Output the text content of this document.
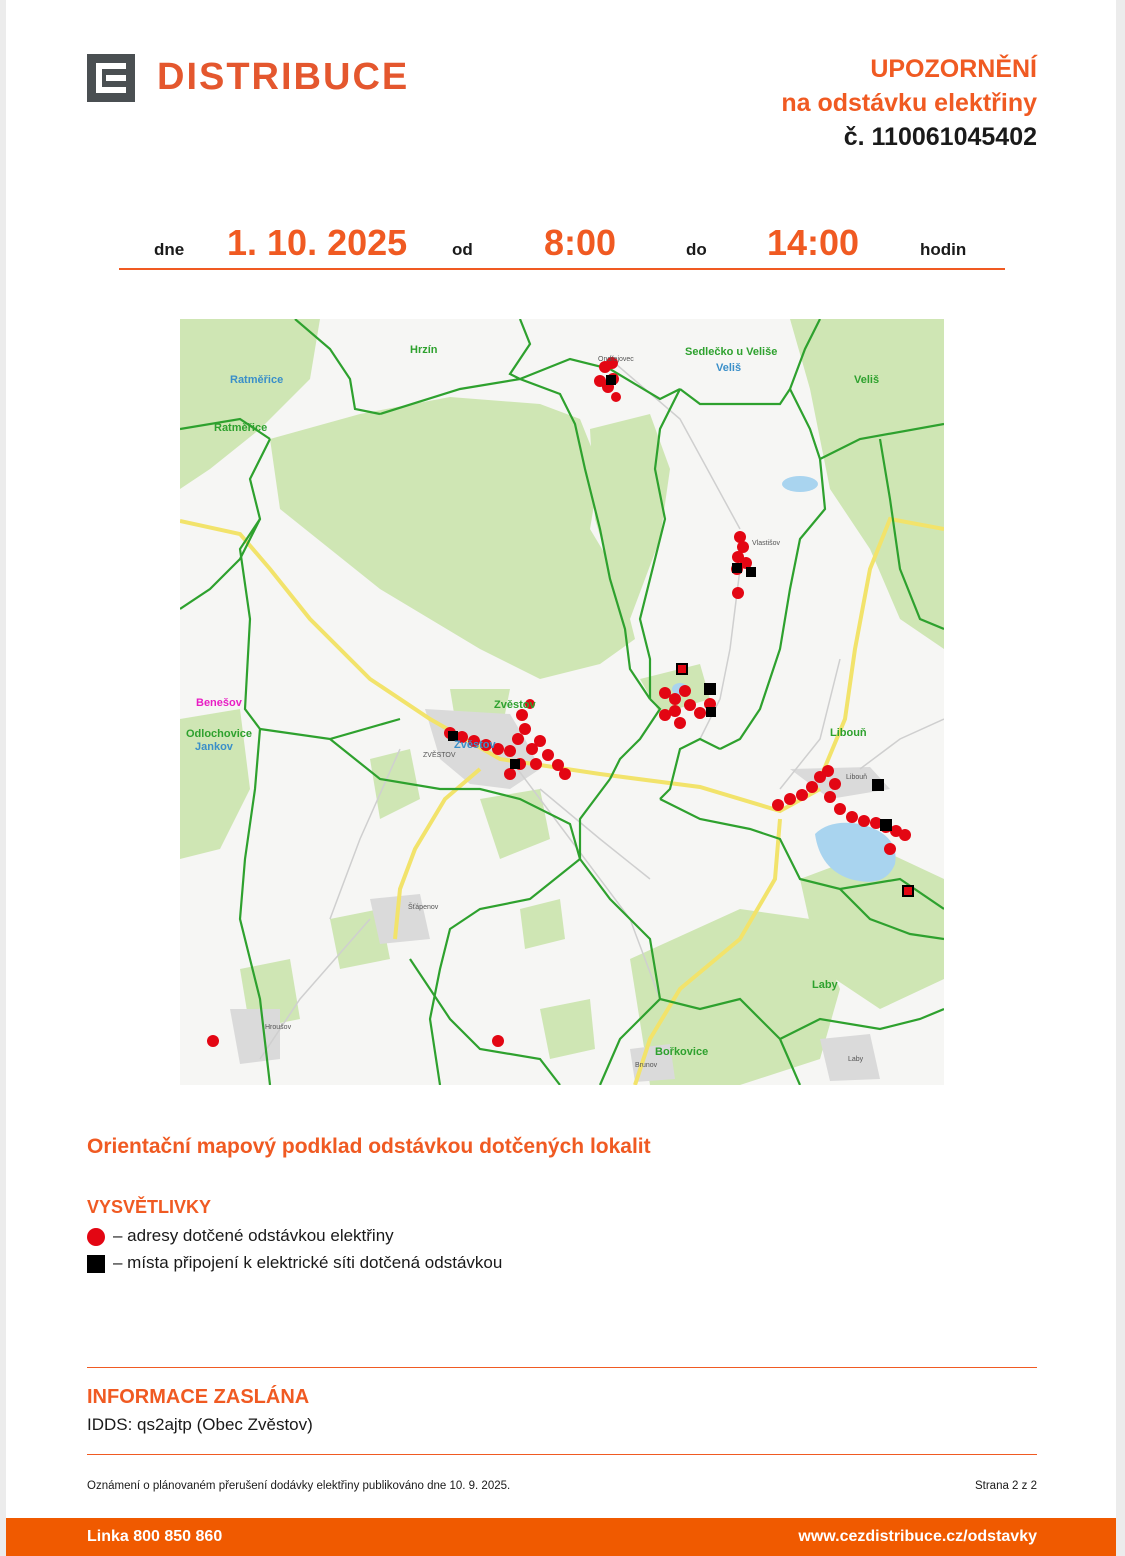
DISTRIBUCE	UPOZORNĚNÍ
na odstávku elektřiny
č. 110061045402
dne 1. 10. 2025	od 8:00	do 14:00	hodin
Hrzín	Sedlečko u Veliše
Veliš
Veliš
Ratměřice
Ratměřice
Benešov
Odlochovice
Jankov
Zvěstov
Zvěstov
Libouň
Laby
Bořkovice
Ondřejovec
Vlastišov
ZVĚSTOV
Libouň
Šťápenov
Laby
Brunov
Hroušov
Orientační mapový podklad odstávkou dotčených lokalit
VYSVĚTLIVKY
– adresy dotčené odstávkou elektřiny
– místa připojení k elektrické síti dotčená odstávkou
INFORMACE ZASLÁNA
IDDS: qs2ajtp (Obec Zvěstov)
Oznámení o plánovaném přerušení dodávky elektřiny publikováno dne 10. 9. 2025.	Strana 2 z 2
Linka 800 850 860	www.cezdistribuce.cz/odstavky
